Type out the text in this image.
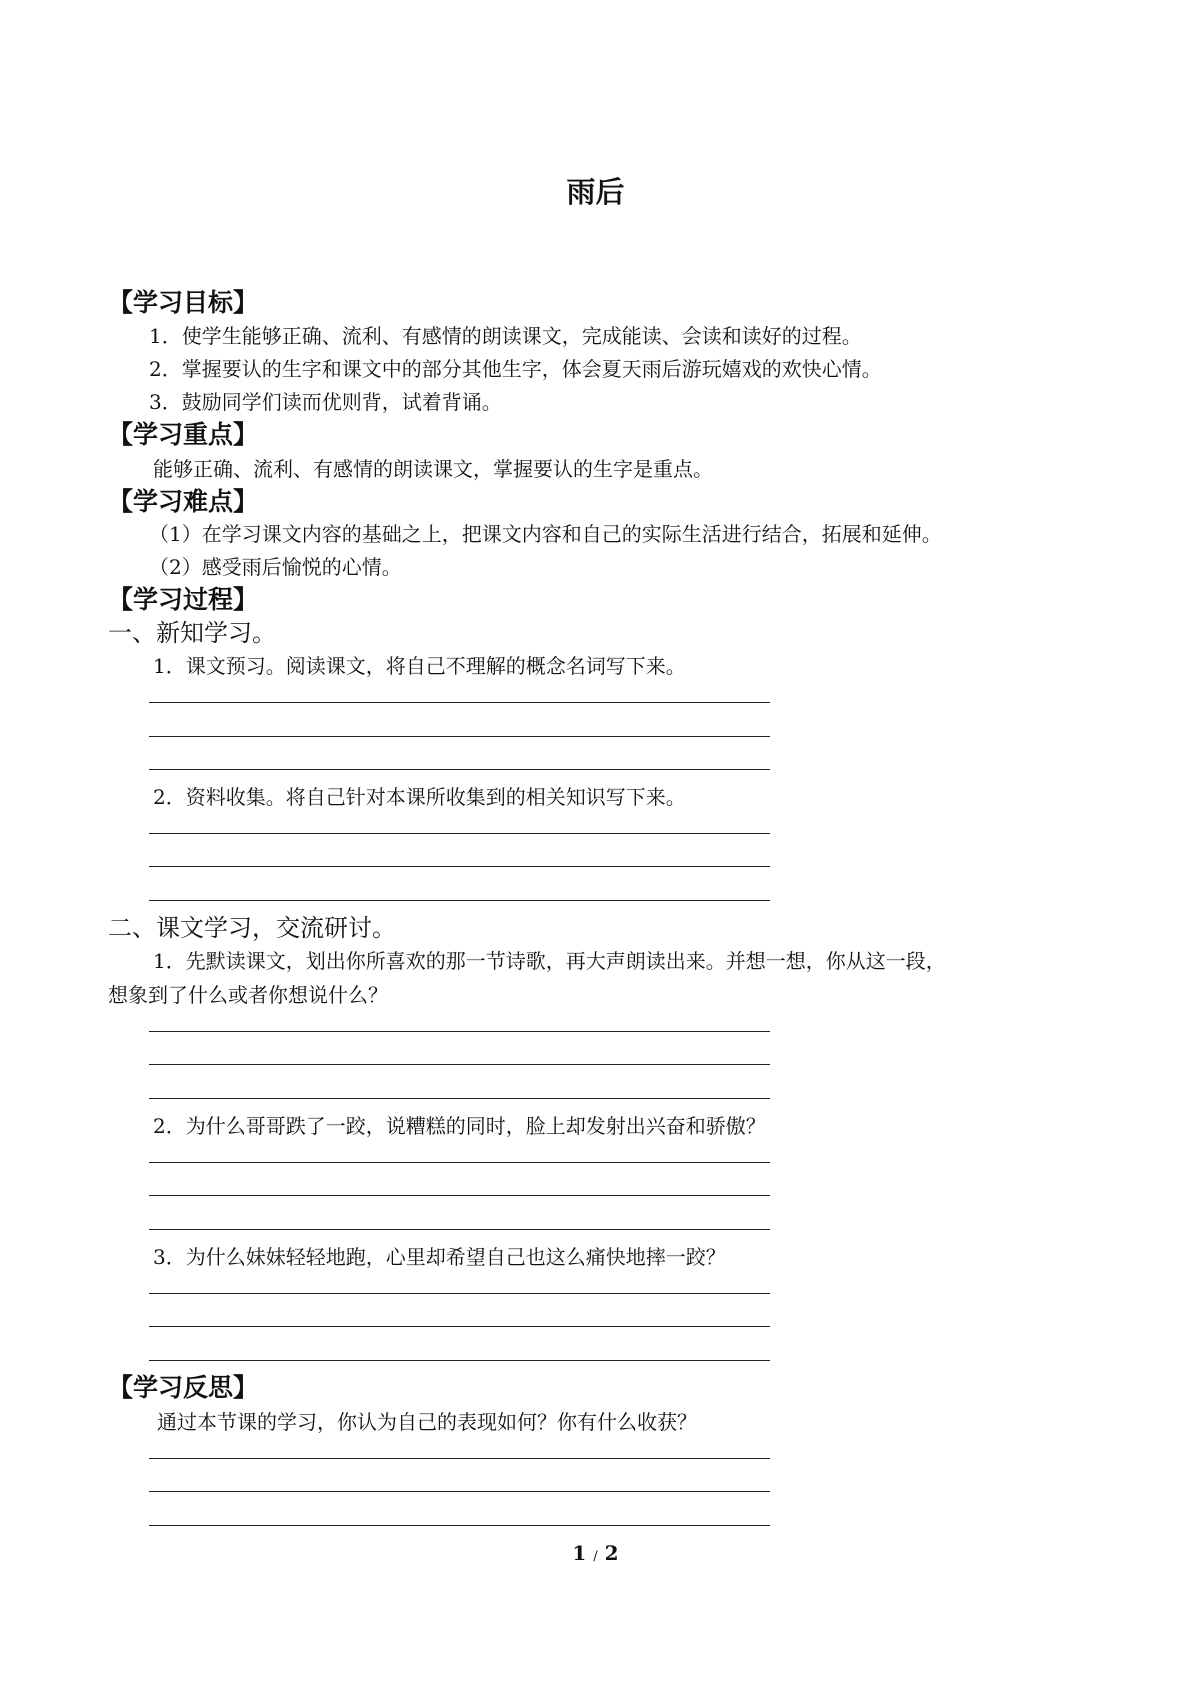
雨后
【学习目标】
1．使学生能够正确、流利、有感情的朗读课文，完成能读、会读和读好的过程。
2．掌握要认的生字和课文中的部分其他生字，体会夏天雨后游玩嬉戏的欢快心情。
3．鼓励同学们读而优则背，试着背诵。
【学习重点】
能够正确、流利、有感情的朗读课文，掌握要认的生字是重点。
【学习难点】
（1）在学习课文内容的基础之上，把课文内容和自己的实际生活进行结合，拓展和延伸。
（2）感受雨后愉悦的心情。
【学习过程】
一、新知学习。
1．课文预习。阅读课文，将自己不理解的概念名词写下来。
2．资料收集。将自己针对本课所收集到的相关知识写下来。
二、课文学习，交流研讨。
1．先默读课文，划出你所喜欢的那一节诗歌，再大声朗读出来。并想一想，你从这一段，
想象到了什么或者你想说什么？
2．为什么哥哥跌了一跤，说糟糕的同时，脸上却发射出兴奋和骄傲？
3．为什么妹妹轻轻地跑，心里却希望自己也这么痛快地摔一跤？
【学习反思】
通过本节课的学习，你认为自己的表现如何？你有什么收获？
1 / 2
